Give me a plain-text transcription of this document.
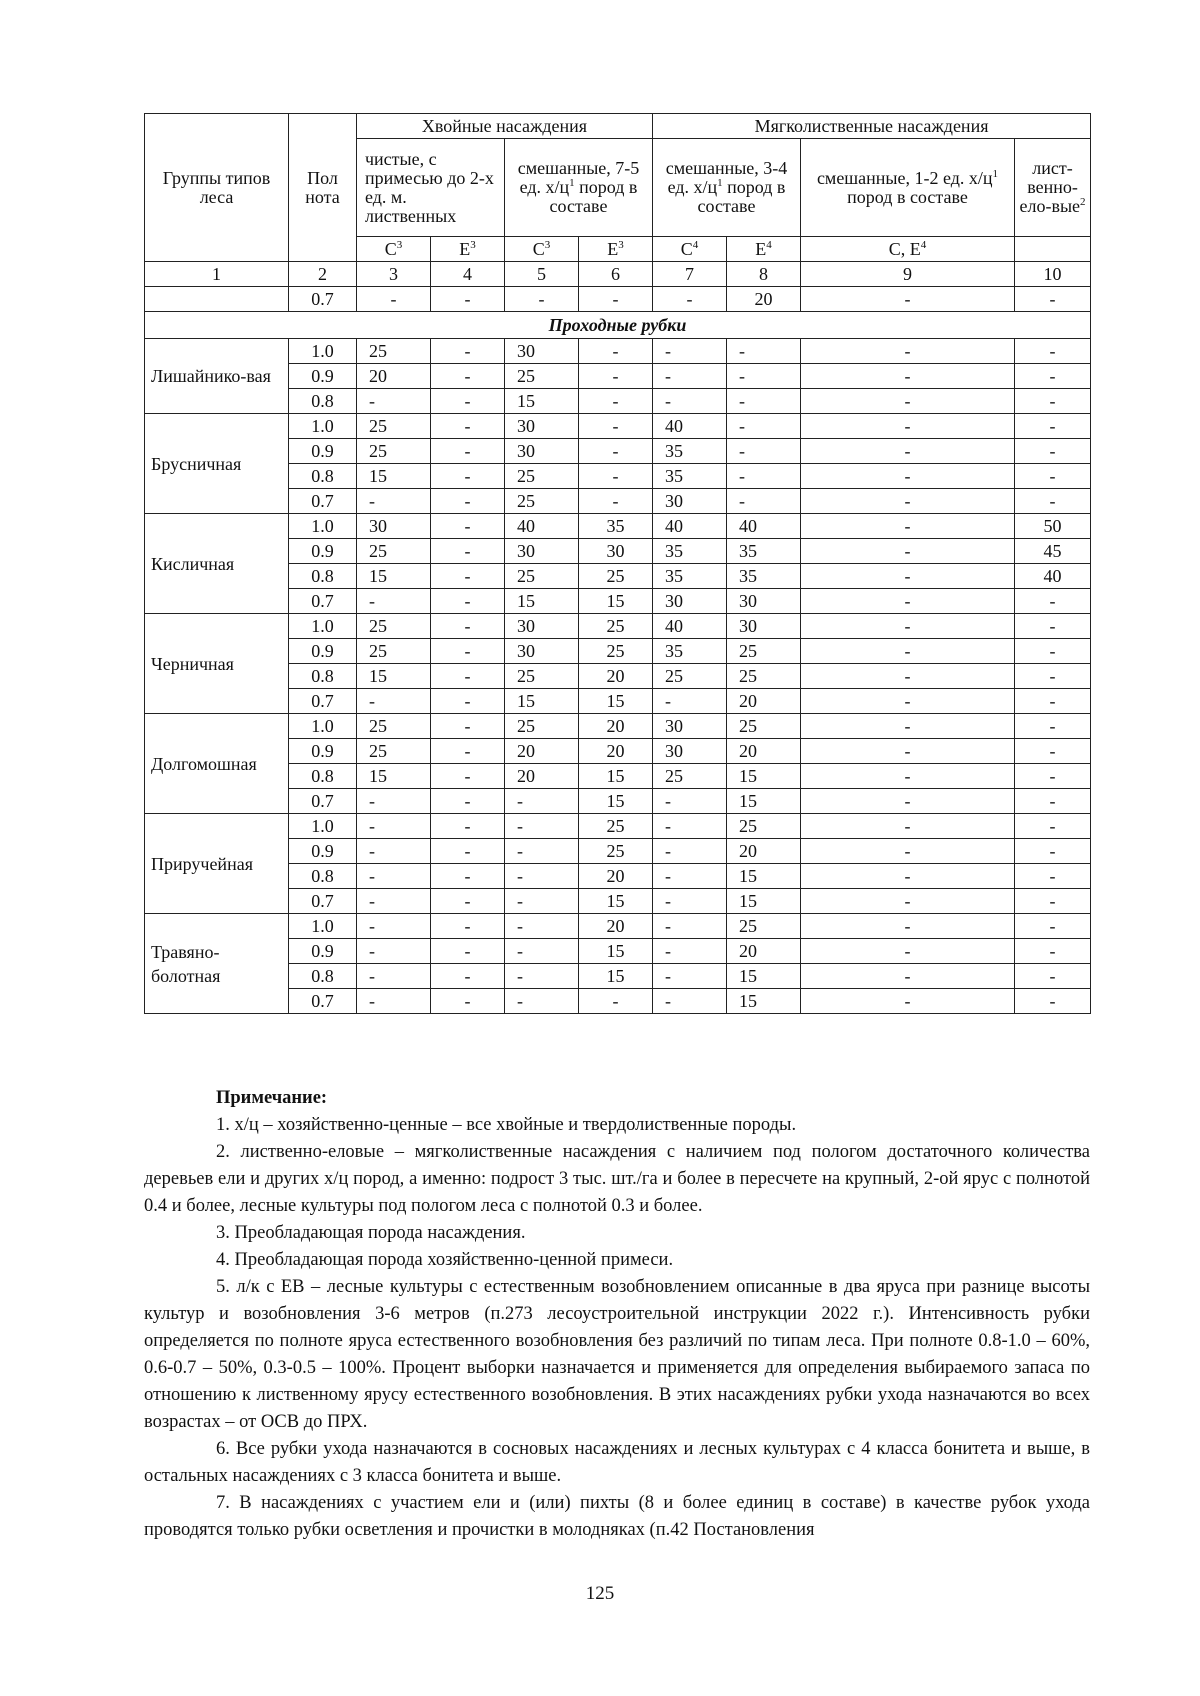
Группы типов леса	Пол нота	Хвойные насаждения				Мягколиственные насаждения			
		чистые, с примесью до 2-х ед. м. лиственных		смешанные, 7-5 ед. $х/ц^1$ пород в составе		смешанные, 3-4 ед. $х/ц^1$ пород в составе		смешанные, 1-2 ед. $х/ц^1$ пород в составе	лист-венно-ело-вые$^2$
		$С^3$	$Е^3$	$С^3$	$Е^3$	$С^4$	$Е^4$	С, $Е^4$	
1	2	3	4	5	6	7	8	9	10
	0.7	-	-	-	-	-	20	-	-
Проходные рубки									
Лишайнико-вая	1.0	25	-	30	-	-	-	-	-
	0.9	20	-	25	-	-	-	-	-
	0.8	-	-	15	-	-	-	-	-
Брусничная	1.0	25	-	30	-	40	-	-	-
	0.9	25	-	30	-	35	-	-	-
	0.8	15	-	25	-	35	-	-	-
	0.7	-	-	25	-	30	-	-	-
Кисличная	1.0	30	-	40	35	40	40	-	50
	0.9	25	-	30	30	35	35	-	45
	0.8	15	-	25	25	35	35	-	40
	0.7	-	-	15	15	30	30	-	-
Черничная	1.0	25	-	30	25	40	30	-	-
	0.9	25	-	30	25	35	25	-	-
	0.8	15	-	25	20	25	25	-	-
	0.7	-	-	15	15	-	20	-	-
Долгомошная	1.0	25	-	25	20	30	25	-	-
	0.9	25	-	20	20	30	20	-	-
	0.8	15	-	20	15	25	15	-	-
	0.7	-	-	-	15	-	15	-	-
Приручейная	1.0	-	-	-	25	-	25	-	-
	0.9	-	-	-	25	-	20	-	-
	0.8	-	-	-	20	-	15	-	-
	0.7	-	-	-	15	-	15	-	-
Травяно-болотная	1.0	-	-	-	20	-	25	-	-
	0.9	-	-	-	15	-	20	-	-
	0.8	-	-	-	15	-	15	-	-
	0.7	-	-	-	-	-	15	-	-

Примечание:

1. х/ц – хозяйственно-ценные – все хвойные и твердолиственные породы.

2. лиственно-еловые – мягколиственные насаждения с наличием под пологом достаточного количества деревьев ели и других х/ц пород, а именно: подрост 3 тыс. шт./га и более в пересчете на крупный, 2-ой ярус с полнотой 0.4 и более, лесные культуры под пологом леса с полнотой 0.3 и более.

3. Преобладающая порода насаждения.

4. Преобладающая порода хозяйственно-ценной примеси.

5. л/к с ЕВ – лесные культуры с естественным возобновлением описанные в два яруса при разнице высоты культур и возобновления 3-6 метров (п.273 лесоустроительной инструкции 2022 г.). Интенсивность рубки определяется по полноте яруса естественного возобновления без различий по типам леса. При полноте 0.8-1.0 – 60%, 0.6-0.7 – 50%, 0.3-0.5 – 100%. Процент выборки назначается и применяется для определения выбираемого запаса по отношению к лиственному ярусу естественного возобновления. В этих насаждениях рубки ухода назначаются во всех возрастах – от ОСВ до ПРХ.

6. Все рубки ухода назначаются в сосновых насаждениях и лесных культурах с 4 класса бонитета и выше, в остальных насаждениях с 3 класса бонитета и выше.

7. В насаждениях с участием ели и (или) пихты (8 и более единиц в составе) в качестве рубок ухода проводятся только рубки осветления и прочистки в молодняках (п.42 Постановления

125
